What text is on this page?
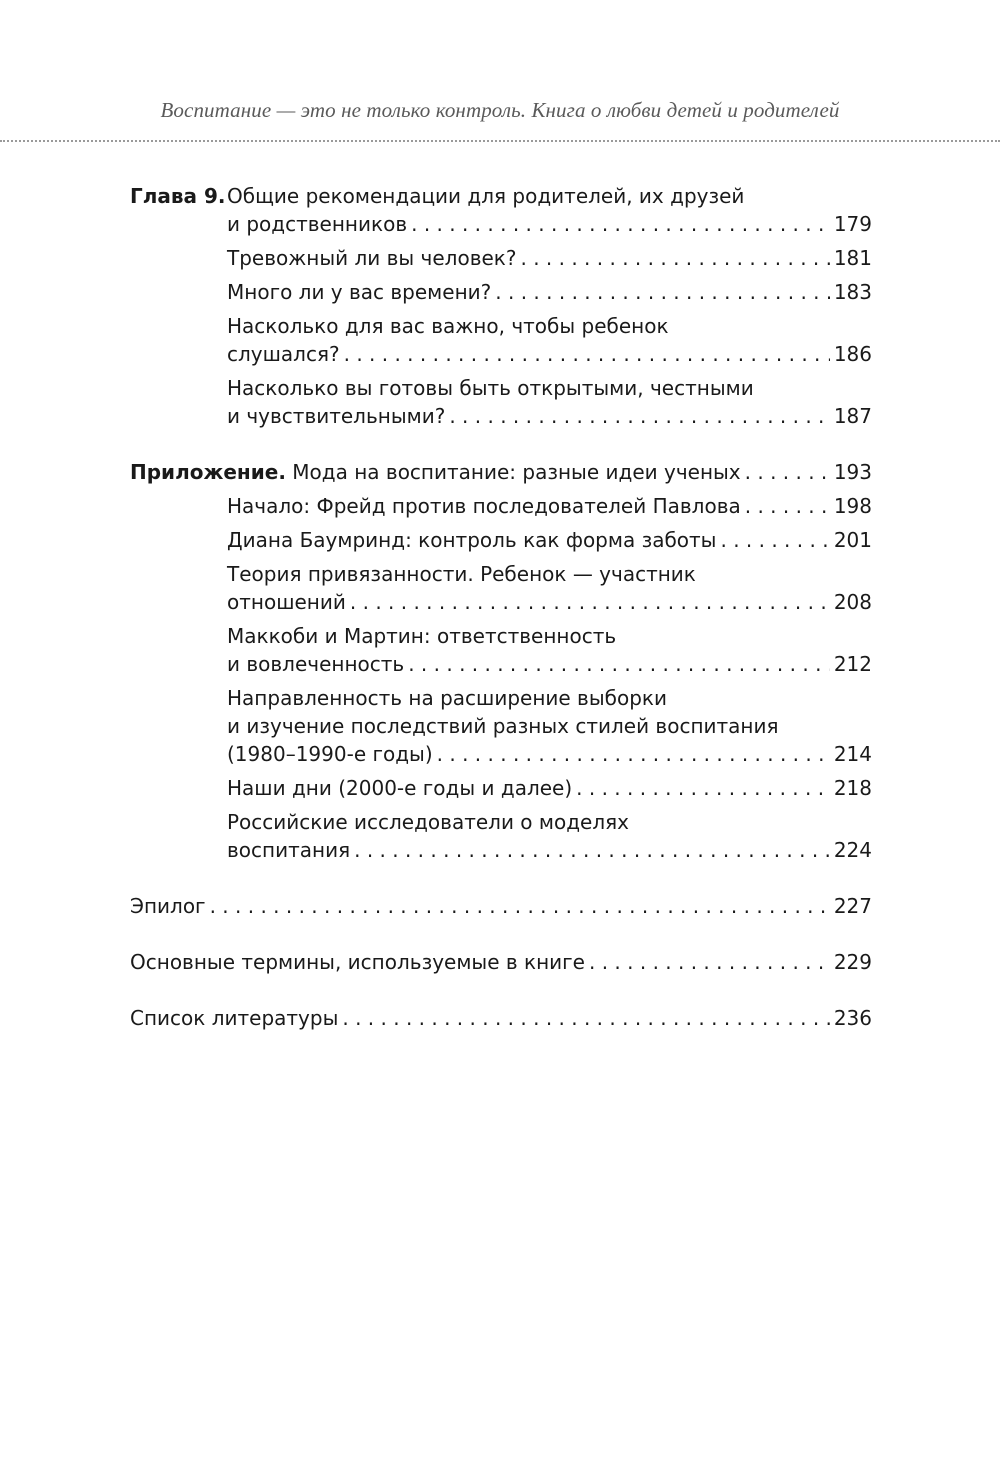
Воспитание — это не только контроль. Книга о любви детей и родителей
Глава 9. Общие рекомендации для родителей, их друзей
и родственников . . .	179
Тревожный ли вы человек? . . .	181
Много ли у вас времени? . . .	183
Насколько для вас важно, чтобы ребенок
слушался? . . .	186
Насколько вы готовы быть открытыми, честными
и чувствительными? . . .	187
Приложение. Мода на воспитание: разные идеи ученых . . .	193
Начало: Фрейд против последователей Павлова . . .	198
Диана Баумринд: контроль как форма заботы . . .	201
Теория привязанности. Ребенок — участник
отношений . . .	208
Маккоби и Мартин: ответственность
и вовлеченность . . .	212
Направленность на расширение выборки
и изучение последствий разных стилей воспитания
(1980–1990-е годы) . . .	214
Наши дни (2000-е годы и далее) . . .	218
Российские исследователи о моделях
воспитания . . .	224
Эпилог . . .	227
Основные термины, используемые в книге . . .	229
Список литературы . . .	236
